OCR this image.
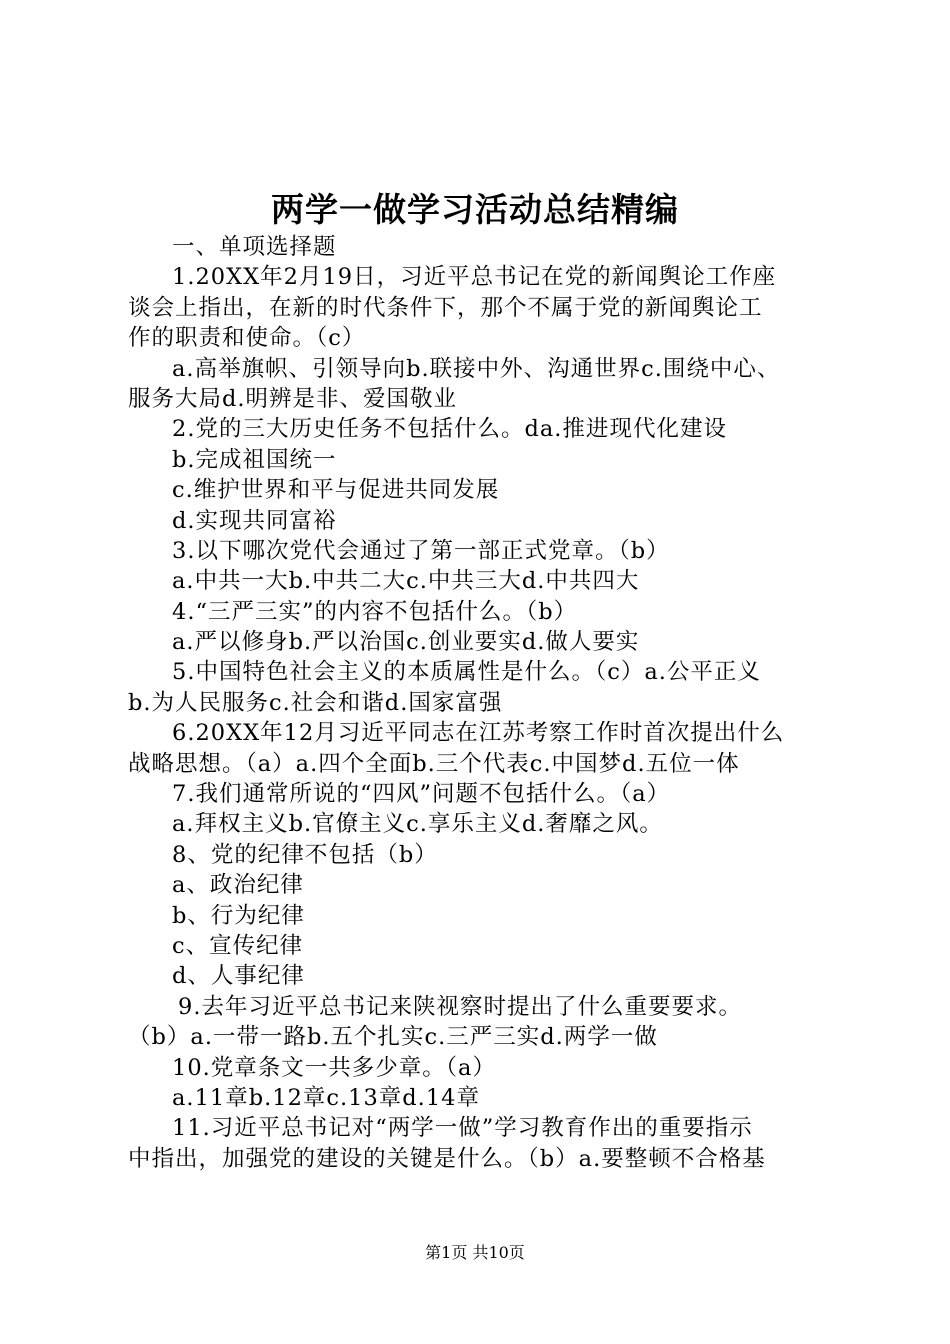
两学一做学习活动总结精编
一、单项选择题
1.20XX年2月19日，习近平总书记在党的新闻舆论工作座
谈会上指出，在新的时代条件下，那个不属于党的新闻舆论工
作的职责和使命。（c）
a.高举旗帜、引领导向b.联接中外、沟通世界c.围绕中心、
服务大局d.明辨是非、爱国敬业
2.党的三大历史任务不包括什么。da.推进现代化建设
b.完成祖国统一
c.维护世界和平与促进共同发展
d.实现共同富裕
3.以下哪次党代会通过了第一部正式党章。（b）
a.中共一大b.中共二大c.中共三大d.中共四大
4.“三严三实”的内容不包括什么。（b）
a.严以修身b.严以治国c.创业要实d.做人要实
5.中国特色社会主义的本质属性是什么。（c）a.公平正义
b.为人民服务c.社会和谐d.国家富强
6.20XX年12月习近平同志在江苏考察工作时首次提出什么
战略思想。（a）a.四个全面b.三个代表c.中国梦d.五位一体
7.我们通常所说的“四风”问题不包括什么。（a）
a.拜权主义b.官僚主义c.享乐主义d.奢靡之风。
8、党的纪律不包括（b）
a、政治纪律
b、行为纪律
c、宣传纪律
d、人事纪律
9.去年习近平总书记来陕视察时提出了什么重要要求。
（b）a.一带一路b.五个扎实c.三严三实d.两学一做
10.党章条文一共多少章。（a）
a.11章b.12章c.13章d.14章
11.习近平总书记对“两学一做”学习教育作出的重要指示
中指出，加强党的建设的关键是什么。（b）a.要整顿不合格基
第1页 共10页
